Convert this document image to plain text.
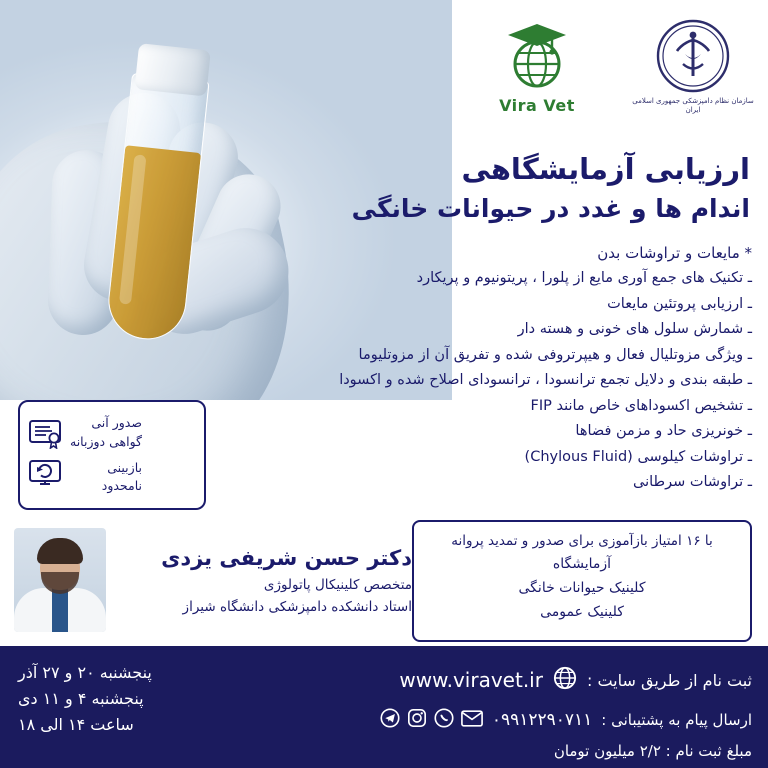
Vira Vet	سازمان نظام دامپزشکی جمهوری اسلامی ایران
ارزیابی آزمایشگاهی
اندام ها و غدد در حیوانات خانگی
* مایعات و تراوشات بدن
ـ تکنیک های جمع آوری مایع از پلورا ، پریتونیوم و پریکارد
ـ ارزیابی پروتئین مایعات
ـ شمارش سلول های خونی و هسته دار
ـ ویژگی مزوتلیال فعال و هیپرتروفی شده و تفریق آن از مزوتلیوما
ـ طبقه بندی و دلایل تجمع ترانسودا ، ترانسودای اصلاح شده و اکسودا
ـ تشخیص اکسوداهای خاص مانند FIP
ـ خونریزی حاد و مزمن فضاها
ـ تراوشات کیلوسی (Chylous Fluid)
ـ تراوشات سرطانی
صدور آنی
گواهی دوزبانه
بازبینی
نامحدود
دکتر حسن شریفی یزدی
متخصص کلینیکال پاتولوژی
استاد دانشکده دامپزشکی دانشگاه شیراز

با ۱۶ امتیاز بازآموزی برای صدور و تمدید پروانه

آزمایشگاه

کلینیک حیوانات خانگی

کلینیک عمومی

پنجشنبه ۲۰ و ۲۷ آذر
پنجشنبه ۴ و ۱۱ دی
ساعت ۱۴ الی ۱۸
ثبت نام از طریق سایت :
www.viravet.ir
ارسال پیام به پشتیبانی :
۰۹۹۱۲۲۹۰۷۱۱
مبلغ ثبت نام : ۲/۲ میلیون تومان
